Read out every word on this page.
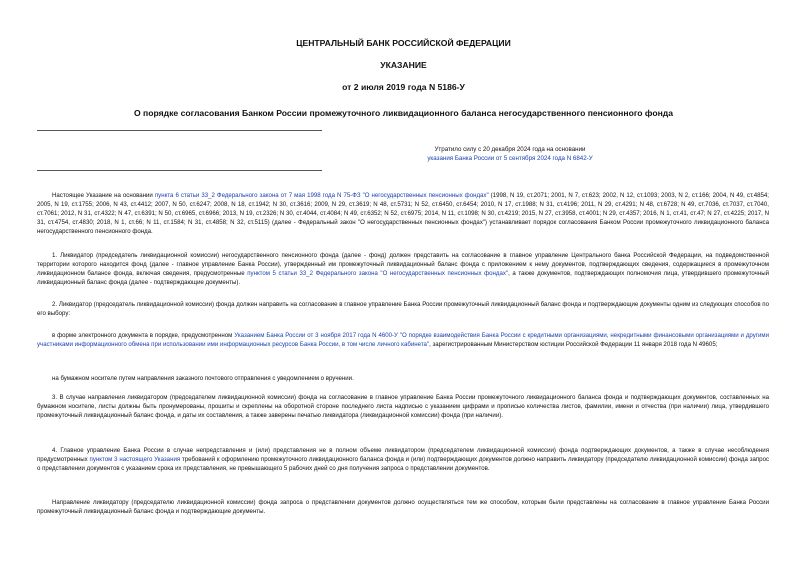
ЦЕНТРАЛЬНЫЙ БАНК РОССИЙСКОЙ ФЕДЕРАЦИИ
УКАЗАНИЕ
от 2 июля 2019 года N 5186-У
О порядке согласования Банком России промежуточного ликвидационного баланса негосударственного пенсионного фонда
Утратило силу с 20 декабря 2024 года на основании
указания Банка России от 5 сентября 2024 года N 6842-У

Настоящее Указание на основании пункта 6 статьи 33_2 Федерального закона от 7 мая 1998 года N 75-ФЗ "О негосударственных пенсионных фондах" (1998, N 19, ст.2071; 2001, N 7, ст.623; 2002, N 12, ст.1093; 2003, N 2, ст.166; 2004, N 49, ст.4854; 2005, N 19, ст.1755; 2006, N 43, ст.4412; 2007, N 50, ст.6247; 2008, N 18, ст.1942; N 30, ст.3616; 2009, N 29, ст.3619; N 48, ст.5731; N 52, ст.6450, ст.6454; 2010, N 17, ст.1988; N 31, ст.4196; 2011, N 29, ст.4291; N 48, ст.6728; N 49, ст.7036, ст.7037, ст.7040, ст.7061; 2012, N 31, ст.4322; N 47, ст.6391; N 50, ст.6965, ст.6966; 2013, N 19, ст.2326; N 30, ст.4044, ст.4084; N 49, ст.6352; N 52, ст.6975; 2014, N 11, ст.1098; N 30, ст.4219; 2015, N 27, ст.3958, ст.4001; N 29, ст.4357; 2016, N 1, ст.41, ст.47; N 27, ст.4225; 2017, N 31, ст.4754, ст.4830; 2018, N 1, ст.66; N 11, ст.1584; N 31, ст.4858; N 32, ст.5115) (далее - Федеральный закон "О негосударственных пенсионных фондах") устанавливает порядок согласования Банком России промежуточного ликвидационного баланса негосударственного пенсионного фонда.

1. Ликвидатор (председатель ликвидационной комиссии) негосударственного пенсионного фонда (далее - фонд) должен представить на согласование в главное управление Центрального банка Российской Федерации, на подведомственной территории которого находится фонд (далее - главное управление Банка России), утвержденный им промежуточный ликвидационный баланс фонда с приложением к нему документов, подтверждающих сведения, содержащиеся в промежуточном ликвидационном балансе фонда, включая сведения, предусмотренные пунктом 5 статьи 33_2 Федерального закона "О негосударственных пенсионных фондах", а также документов, подтверждающих полномочия лица, утвердившего промежуточный ликвидационный баланс фонда (далее - подтверждающие документы).

2. Ликвидатор (председатель ликвидационной комиссии) фонда должен направить на согласование в главное управление Банка России промежуточный ликвидационный баланс фонда и подтверждающие документы одним из следующих способов по его выбору:

в форме электронного документа в порядке, предусмотренном Указанием Банка России от 3 ноября 2017 года N 4600-У "О порядке взаимодействия Банка России с кредитными организациями, некредитными финансовыми организациями и другими участниками информационного обмена при использовании ими информационных ресурсов Банка России, в том числе личного кабинета", зарегистрированным Министерством юстиции Российской Федерации 11 января 2018 года N 49605;

на бумажном носителе путем направления заказного почтового отправления с уведомлением о вручении.

3. В случае направления ликвидатором (председателем ликвидационной комиссии) фонда на согласование в главное управление Банка России промежуточного ликвидационного баланса фонда и подтверждающих документов, составленных на бумажном носителе, листы должны быть пронумерованы, прошиты и скреплены на оборотной стороне последнего листа надписью с указанием цифрами и прописью количества листов, фамилии, имени и отчества (при наличии) лица, утвердившего промежуточный ликвидационный баланс фонда, и даты их составления, а также заверены печатью ликвидатора (ликвидационной комиссии) фонда (при наличии).

4. Главное управление Банка России в случае непредставления и (или) представления не в полном объеме ликвидатором (председателем ликвидационной комиссии) фонда подтверждающих документов, а также в случае несоблюдения предусмотренных пунктом 3 настоящего Указания требований к оформлению промежуточного ликвидационного баланса фонда и (или) подтверждающих документов должно направить ликвидатору (председателю ликвидационной комиссии) фонда запрос о представлении документов с указанием срока их представления, не превышающего 5 рабочих дней со дня получения запроса о представлении документов.

Направление ликвидатору (председателю ликвидационной комиссии) фонда запроса о представлении документов должно осуществляться тем же способом, которым были представлены на согласование в главное управление Банка России промежуточный ликвидационный баланс фонда и подтверждающие документы.
